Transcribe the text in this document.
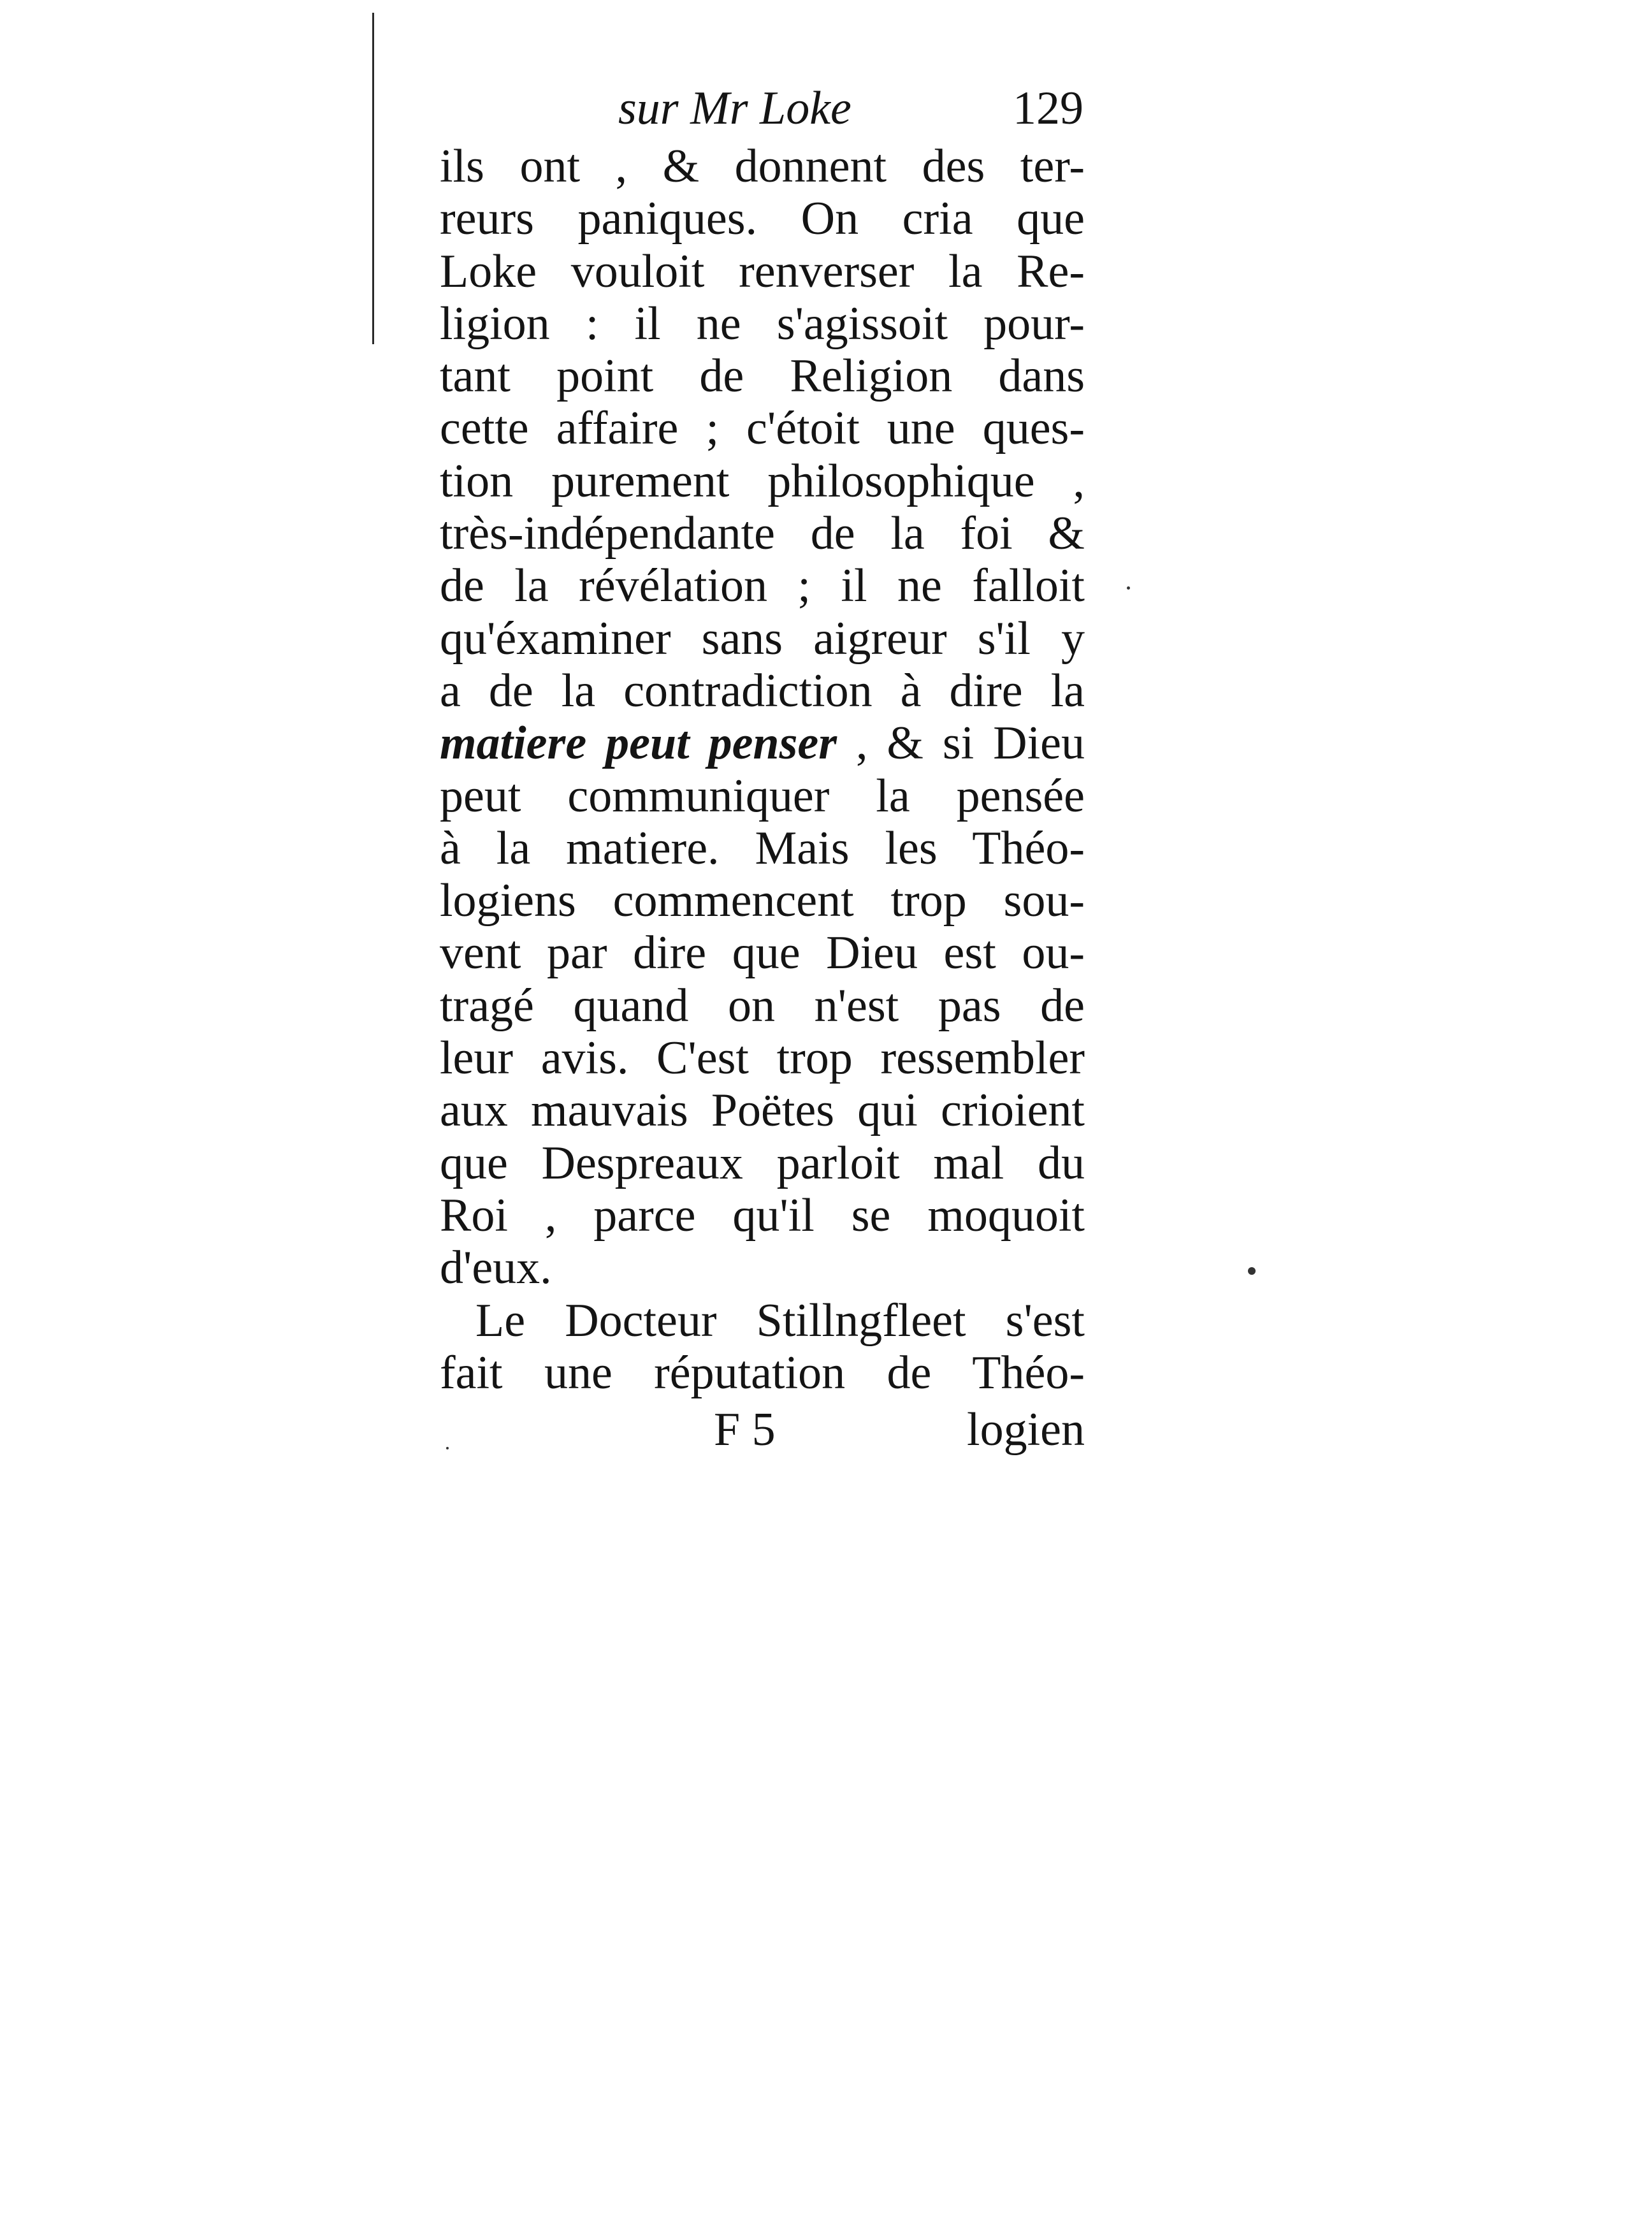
sur Mr Loke	129
ils ont , & donnent des ter-
reurs paniques. On cria que
Loke vouloit renverser la Re-
ligion : il ne s'agissoit pour-
tant point de Religion dans
cette affaire ; c'étoit une ques-
tion purement philosophique ,
très-indépendante de la foi &
de la révélation ; il ne falloit
qu'éxaminer sans aigreur s'il y
a de la contradiction à dire la
matiere peut penser , & si Dieu
peut communiquer la pensée
à la matiere. Mais les Théo-
logiens commencent trop sou-
vent par dire que Dieu est ou-
tragé quand on n'est pas de
leur avis. C'est trop ressembler
aux mauvais Poëtes qui crioient
que Despreaux parloit mal du
Roi , parce qu'il se moquoit
d'eux.
Le Docteur Stillngfleet s'est
fait une réputation de Théo-
F 5	logien
